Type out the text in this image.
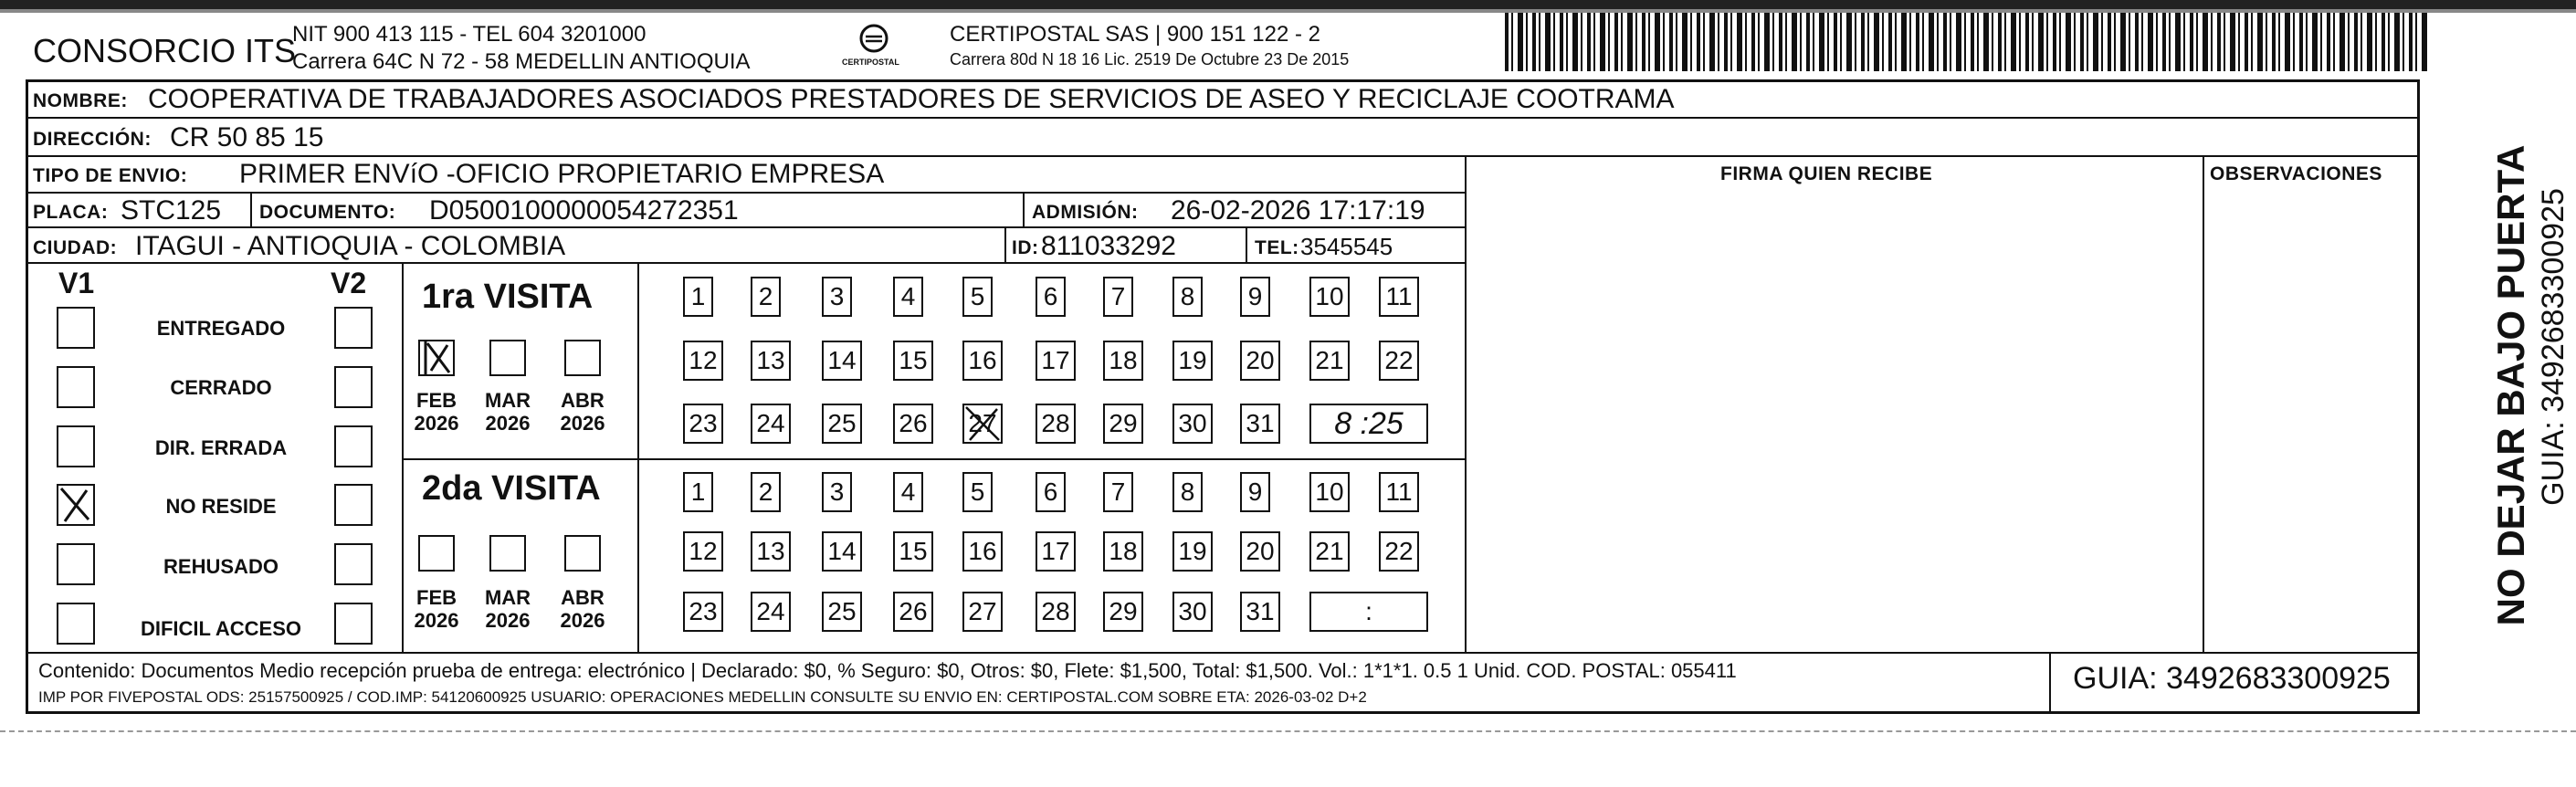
CONSORCIO ITS
NIT 900 413 115 - TEL 604 3201000
Carrera 64C N 72 - 58 MEDELLIN ANTIOQUIA	CERTIPOSTAL
CERTIPOSTAL SAS | 900 151 122 - 2
Carrera 80d N 18 16 Lic. 2519 De Octubre 23 De 2015
NOMBRE: COOPERATIVA DE TRABAJADORES ASOCIADOS PRESTADORES DE SERVICIOS DE ASEO Y RECICLAJE COOTRAMA
DIRECCIÓN: CR 50 85 15
TIPO DE ENVIO: PRIMER ENVíO -OFICIO PROPIETARIO EMPRESA	FIRMA QUIEN RECIBE	OBSERVACIONES
PLACA: STC125 DOCUMENTO: D0500100000054272351	ADMISIÓN: 26-02-2026 17:17:19
CIUDAD: ITAGUI - ANTIOQUIA - COLOMBIA	ID: 811033292	TEL: 3545545
V1	V2
ENTREGADO
CERRADO
DIR. ERRADA
NO RESIDE
REHUSADO
DIFICIL ACCESO
1ra VISITA
FEB
2026
MAR
2026
ABR
2026
1	2	3	4	5	6	7	8	9	10 11
12 13 14 15 16 17 18 19 20 21 22
23 24 25 26 27 28 29 30 31	8 :25
2da VISITA
FEB
2026
MAR
2026
ABR
2026
1	2	3	4	5	6	7	8	9	10 11
12 13 14 15 16 17 18 19 20 21 22
23 24 25 26 27 28 29 30 31	:
Contenido: Documentos Medio recepción prueba de entrega: electrónico | Declarado: $0, % Seguro: $0, Otros: $0, Flete: $1,500, Total: $1,500. Vol.: 1*1*1. 0.5 1 Unid. COD. POSTAL: 055411
IMP POR FIVEPOSTAL ODS: 25157500925 / COD.IMP: 54120600925 USUARIO: OPERACIONES MEDELLIN CONSULTE SU ENVIO EN: CERTIPOSTAL.COM SOBRE ETA: 2026-03-02 D+2
GUIA: 3492683300925
NO DEJAR BAJO PUERTA GUIA: 3492683300925
